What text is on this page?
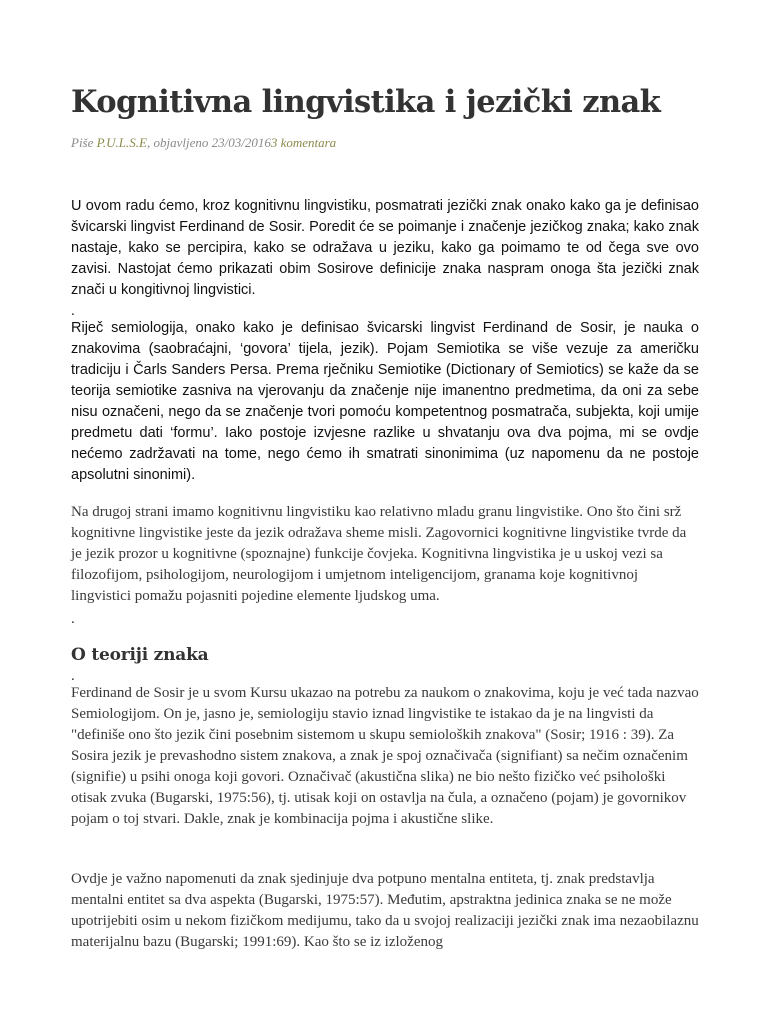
Kognitivna lingvistika i jezički znak
Piše P.U.L.S.E, objavljeno 23/03/20163 komentara

U ovom radu ćemo, kroz kognitivnu lingvistiku, posmatrati jezički znak onako kako ga je definisao švicarski lingvist Ferdinand de Sosir. Poredit će se poimanje i značenje jezičkog znaka; kako znak nastaje, kako se percipira, kako se odražava u jeziku, kako ga poimamo te od čega sve ovo zavisi. Nastojat ćemo prikazati obim Sosirove definicije znaka naspram onoga šta jezički znak znači u kongitivnoj lingvistici.

.

Riječ semiologija, onako kako je definisao švicarski lingvist Ferdinand de Sosir, je nauka o znakovima (saobraćajni, ‘govora’ tijela, jezik). Pojam Semiotika se više vezuje za američku tradiciju i Čarls Sanders Persa. Prema rječniku Semiotike (Dictionary of Semiotics) se kaže da se teorija semiotike zasniva na vjerovanju da značenje nije imanentno predmetima, da oni za sebe nisu označeni, nego da se značenje tvori pomoću kompetentnog posmatrača, subjekta, koji umije predmetu dati ‘formu’. Iako postoje izvjesne razlike u shvatanju ova dva pojma, mi se ovdje nećemo zadržavati na tome, nego ćemo ih smatrati sinonimima (uz napomenu da ne postoje apsolutni sinonimi).

Na drugoj strani imamo kognitivnu lingvistiku kao relativno mladu granu lingvistike. Ono što čini srž kognitivne lingvistike jeste da jezik odražava sheme misli. Zagovornici kognitivne lingvistike tvrde da je jezik prozor u kognitivne (spoznajne) funkcije čovjeka. Kognitivna lingvistika je u uskoj vezi sa filozofijom, psihologijom, neurologijom i umjetnom inteligencijom, granama koje kognitivnoj lingvistici pomažu pojasniti pojedine elemente ljudskog uma.

.
O teoriji znaka
.

Ferdinand de Sosir je u svom Kursu ukazao na potrebu za naukom o znakovima, koju je već tada nazvao Semiologijom. On je, jasno je, semiologiju stavio iznad lingvistike te istakao da je na lingvisti da "definiše ono što jezik čini posebnim sistemom u skupu semioloških znakova" (Sosir; 1916 : 39). Za Sosira jezik je prevashodno sistem znakova, a znak je spoj označivača (signifiant) sa nečim označenim (signifie) u psihi onoga koji govori. Označivač (akustična slika) ne bio nešto fizičko već psihološki otisak zvuka (Bugarski, 1975:56), tj. utisak koji on ostavlja na čula, a označeno (pojam) je govornikov pojam o toj stvari. Dakle, znak je kombinacija pojma i akustične slike.

Ovdje je važno napomenuti da znak sjedinjuje dva potpuno mentalna entiteta, tj. znak predstavlja mentalni entitet sa dva aspekta (Bugarski, 1975:57). Međutim, apstraktna jedinica znaka se ne može upotrijebiti osim u nekom fizičkom medijumu, tako da u svojoj realizaciji jezički znak ima nezaobilaznu materijalnu bazu (Bugarski; 1991:69). Kao što se iz izloženog
